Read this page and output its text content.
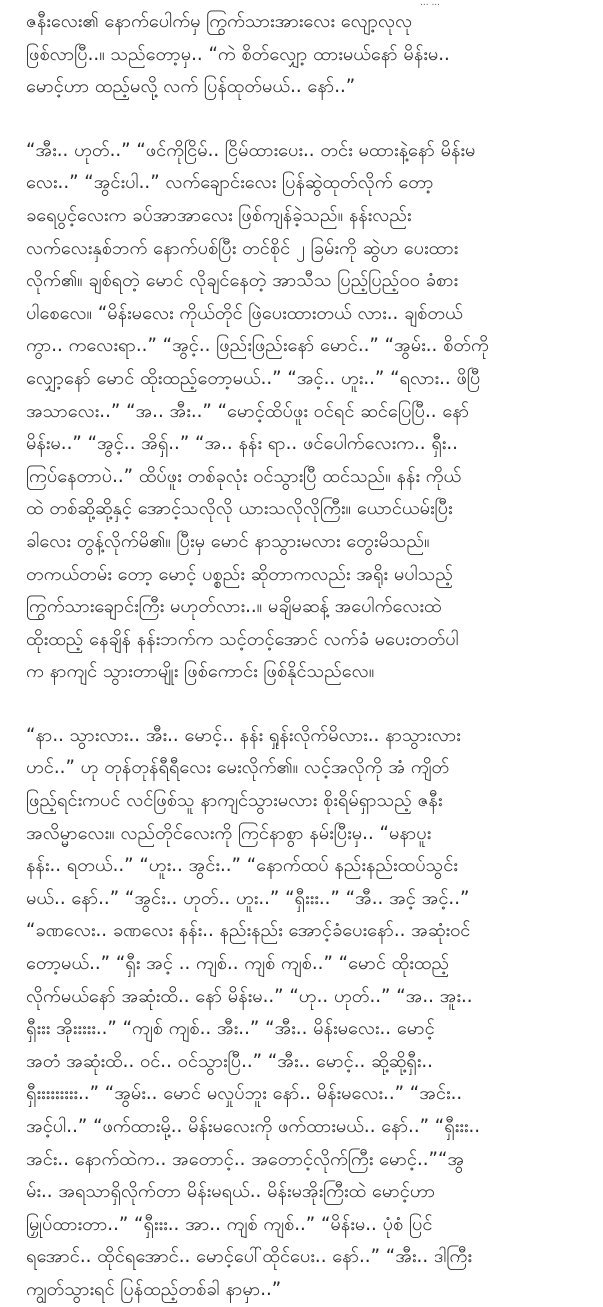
... ...

ဇနီးလေး၏ နောက်ပေါက်မှ ကြွက်သားအားလေး လျော့လုလု
ဖြစ်လာပြီ..။ သည်တော့မှ.. “ကဲ စိတ်လျှော့ ထားမယ်နော် မိန်းမ..
မောင့်ဟာ ထည့်မလို့ လက် ပြန်ထုတ်မယ်.. နော်..”

“အီး.. ဟုတ်..” “ဖင်ကိုငြိမ်.. ငြိမ်ထားပေး.. တင်း မထားနဲ့နော် မိန်းမ
လေး..” “အွင်းပါ..” လက်ချောင်းလေး ပြန်ဆွဲထုတ်လိုက် တော့
ခရေပွင့်လေးက ခပ်အာအာလေး ဖြစ်ကျန်ခဲ့သည်။ နန်းလည်း
လက်လေးနှစ်ဘက် နောက်ပစ်ပြီး တင်စိုင် ၂ ခြမ်းကို ဆွဲဟ ပေးထား
လိုက်၏။ ချစ်ရတဲ့ မောင် လိုချင်နေတဲ့ အာသီသ ပြည့်ပြည့်ဝဝ ခံစား
ပါစေလေ။ “မိန်းမလေး ကိုယ်တိုင် ဖြဲပေးထားတယ် လား.. ချစ်တယ်
ကွာ.. ကလေးရာ..” “အွင့်.. ဖြည်းဖြည်းနော် မောင်..” “အွမ်း.. စိတ်ကို
လျှော့နော် မောင် ထိုးထည့်တော့မယ်..” “အင့်.. ဟူး..” “ရလား.. ဖိပြီ
အသာလေး..” “အ.. အီး..” “မောင့်ထိပ်ဖူး ဝင်ရင် ဆင်ပြေပြီ.. နော်
မိန်းမ..” “အွင့်.. အိရှ်..” “အ.. နန်း ရာ.. ဖင်ပေါက်လေးက.. ရှီး..
ကြပ်နေတာပဲ..” ထိပ်ဖူး တစ်ခုလုံး ဝင်သွားပြီ ထင်သည်။ နန်း ကိုယ်
ထဲ တစ်ဆို့ဆို့နှင့် အောင့်သလိုလို ယားသလိုလိုကြီး။ ယောင်ယမ်းပြီး
ခါလေး တွန့်လိုက်မိ၏။ ပြီးမှ မောင် နာသွားမလား တွေးမိသည်။
တကယ်တမ်း တော့ မောင့် ပစ္စည်း ဆိုတာကလည်း အရိုး မပါသည့်
ကြွက်သားချောင်းကြီး မဟုတ်လား..။ မချိမဆန့် အပေါက်လေးထဲ
ထိုးထည့် နေချိန် နန်းဘက်က သင့်တင့်အောင် လက်ခံ မပေးတတ်ပါ
က နာကျင် သွားတာမျိုး ဖြစ်ကောင်း ဖြစ်နိုင်သည်လေ။

“နာ.. သွားလား.. အီး.. မောင့်.. နန်း ရှုန်းလိုက်မိလား.. နာသွားလား
ဟင်..” ဟု တုန်တုန်ရီရီလေး မေးလိုက်၏။ လင့်အလိုကို အံ ကျိတ်
ဖြည့်ရင်းကပင် လင်ဖြစ်သူ နာကျင်သွားမလား စိုးရိမ်ရှာသည့် ဇနီး
အလိမ္မာလေး။ လည်တိုင်လေးကို ကြင်နာစွာ နမ်းပြီးမှ.. “မနာပူး
နန်း.. ရတယ်..” “ဟူး.. အွင်း..” “နောက်ထပ် နည်းနည်းထပ်သွင်း
မယ်.. နော်..” “အွင်း.. ဟုတ်.. ဟူး..” “ရှီးးး..” “အီ.. အင့် အင့်..”
“ခဏလေး.. ခဏလေး နန်း.. နည်းနည်း အောင့်ခံပေးနော်.. အဆုံးဝင်
တော့မယ်..” “ရှီး အင့် .. ကျစ်.. ကျစ် ကျစ်..” “မောင် ထိုးထည့်
လိုက်မယ်နော် အဆုံးထိ.. နော် မိန်းမ..” “ဟု.. ဟုတ်..” “အ.. အူး..
ရှီးးး အိုးးးးး..” “ကျစ် ကျစ်.. အီး..” “အီး.. မိန်းမလေး.. မောင့်
အတံ အဆုံးထိ.. ဝင်.. ဝင်သွားပြီ..” “အီး.. မောင့်.. ဆို့ဆို့ရှီး..
ရှီးးးးးးးးး..” “အွမ်း.. မောင် မလှုပ်ဘူး နော်.. မိန်းမလေး..” “အင်း..
အင့်ပါ..” “ဖက်ထားမို့.. မိန်းမလေးကို ဖက်ထားမယ်.. နော်..” “ရှီးးး..
အင်း.. နောက်ထဲက.. အတောင့်.. အတောင့်လိုက်ကြီး မောင့်..”“အွ
မ်း.. အရသာရှိလိုက်တာ မိန်းမရယ်.. မိန်းမအိုးကြီးထဲ မောင့်ဟာ
မြှုပ်ထားတာ..” “ရှီးးး.. အာ.. ကျစ် ကျစ်..” “မိန်းမ.. ပုံစံ ပြင်
ရအောင်.. ထိုင်ရအောင်.. မောင့်ပေါ်ထိုင်ပေး.. နော်..” “အီး.. ဒါကြီး
ကျွတ်သွားရင် ပြန်ထည့်တစ်ခါ နာမှာ..”
